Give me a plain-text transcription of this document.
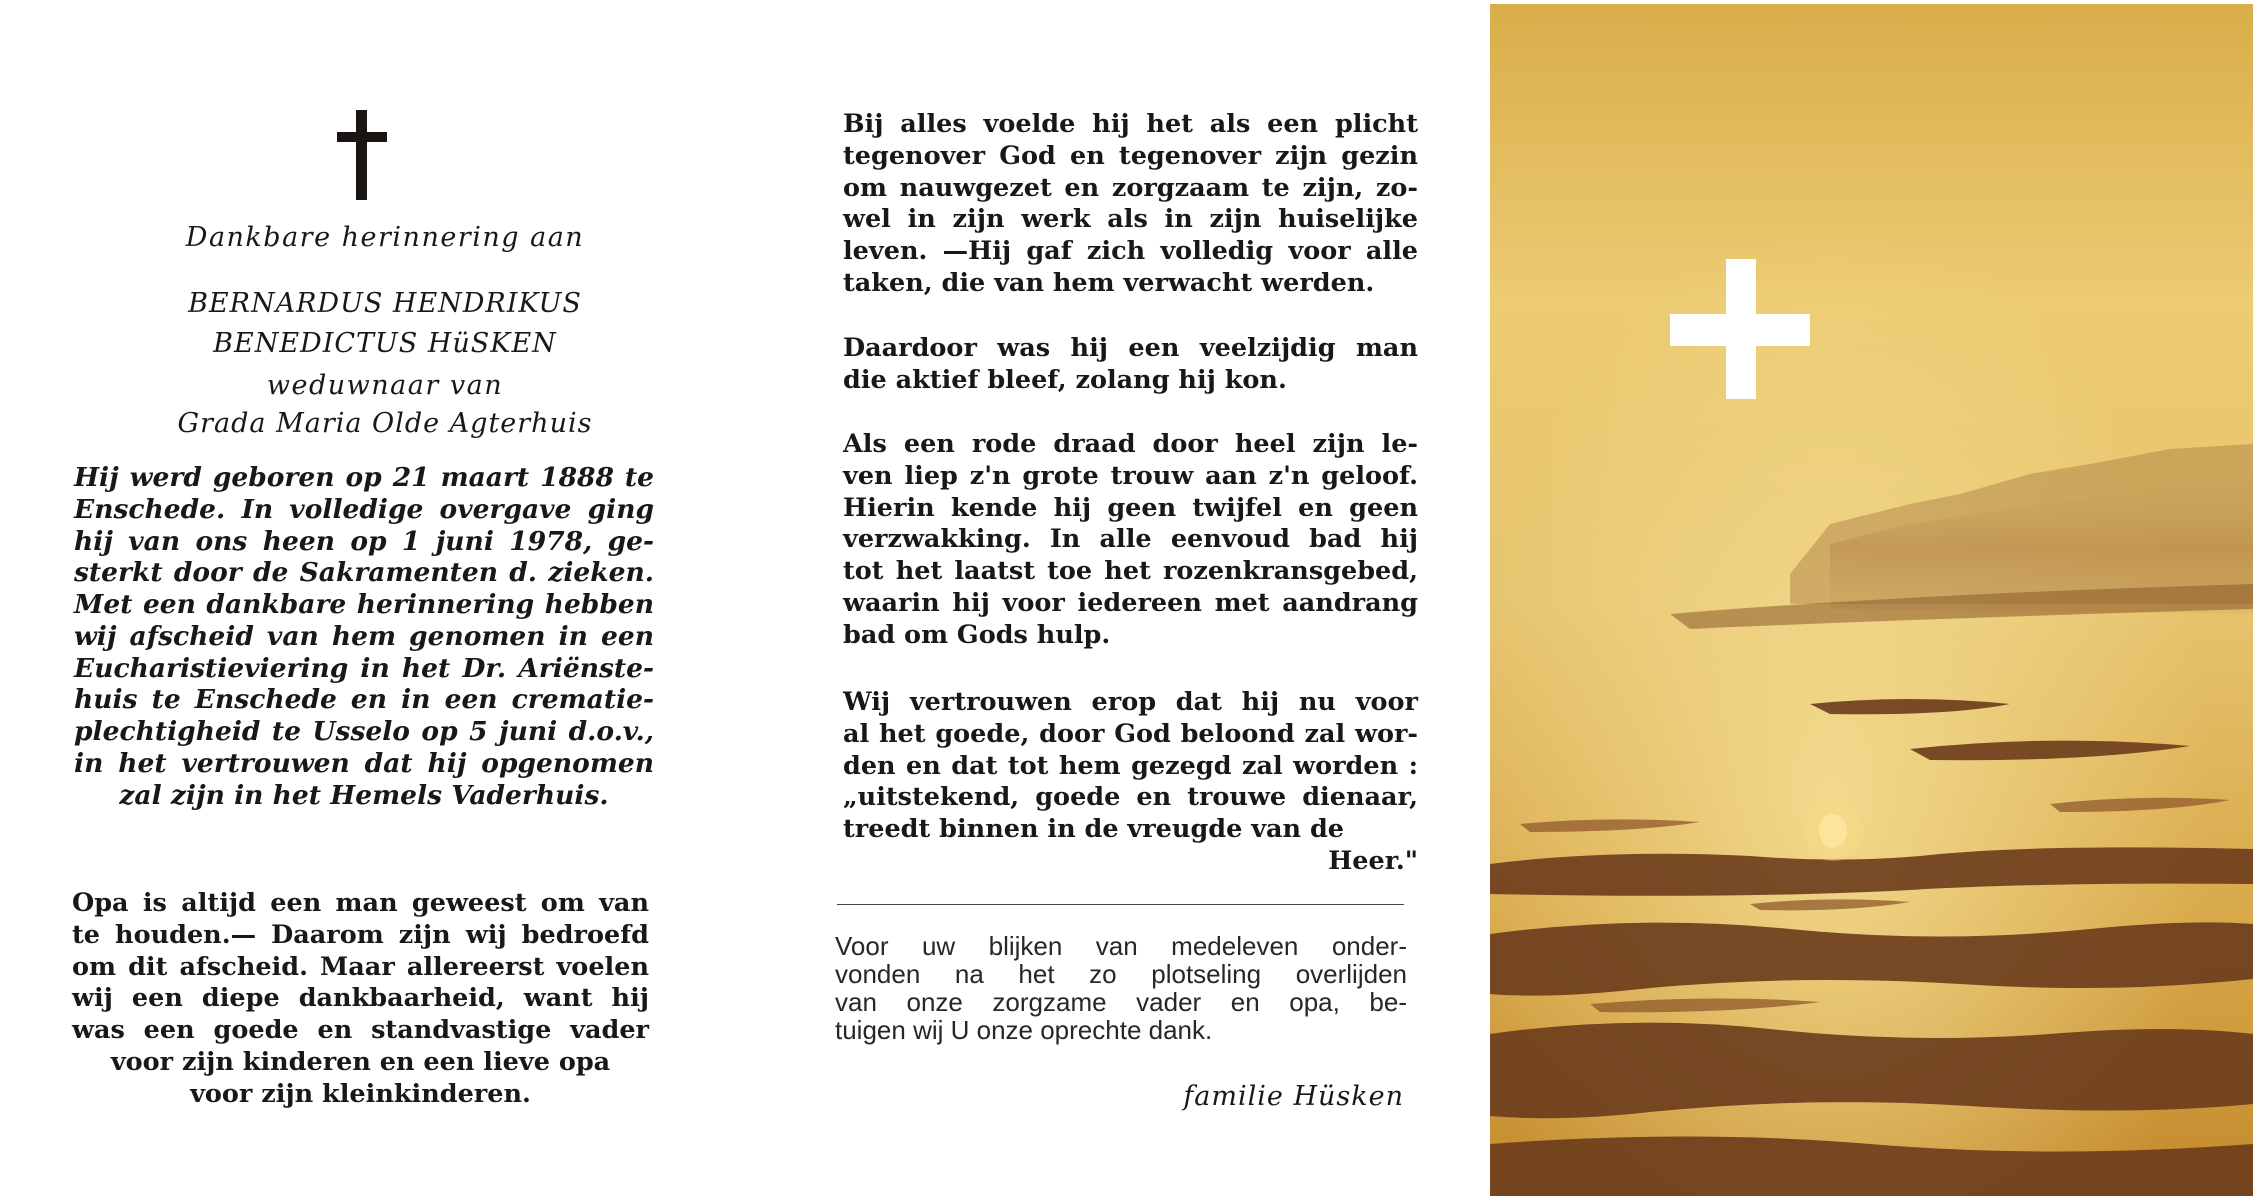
Dankbare herinnering aan
BERNARDUS HENDRIKUS
BENEDICTUS HüSKEN
weduwnaar van
Grada Maria Olde Agterhuis
Hij werd geboren op 21 maart 1888 te
Enschede. In volledige overgave ging
hij van ons heen op 1 juni 1978, ge-
sterkt door de Sakramenten d. zieken.
Met een dankbare herinnering hebben
wij afscheid van hem genomen in een
Eucharistieviering in het Dr. Ariënste-
huis te Enschede en in een crematie-
plechtigheid te Usselo op 5 juni d.o.v.,
in het vertrouwen dat hij opgenomen
zal zijn in het Hemels Vaderhuis.
Opa is altijd een man geweest om van
te houden.— Daarom zijn wij bedroefd
om dit afscheid. Maar allereerst voelen
wij een diepe dankbaarheid, want hij
was een goede en standvastige vader
voor zijn kinderen en een lieve opa
voor zijn kleinkinderen.
Bij alles voelde hij het als een plicht
tegenover God en tegenover zijn gezin
om nauwgezet en zorgzaam te zijn, zo-
wel in zijn werk als in zijn huiselijke
leven. —Hij gaf zich volledig voor alle
taken, die van hem verwacht werden.
Daardoor was hij een veelzijdig man
die aktief bleef, zolang hij kon.
Als een rode draad door heel zijn le-
ven liep z'n grote trouw aan z'n geloof.
Hierin kende hij geen twijfel en geen
verzwakking. In alle eenvoud bad hij
tot het laatst toe het rozenkransgebed,
waarin hij voor iedereen met aandrang
bad om Gods hulp.
Wij vertrouwen erop dat hij nu voor
al het goede, door God beloond zal wor-
den en dat tot hem gezegd zal worden :
„uitstekend, goede en trouwe dienaar,
treedt binnen in de vreugde van de
Heer."
Voor uw blijken van medeleven onder-
vonden na het zo plotseling overlijden
van onze zorgzame vader en opa, be-
tuigen wij U onze oprechte dank.
familie Hüsken
